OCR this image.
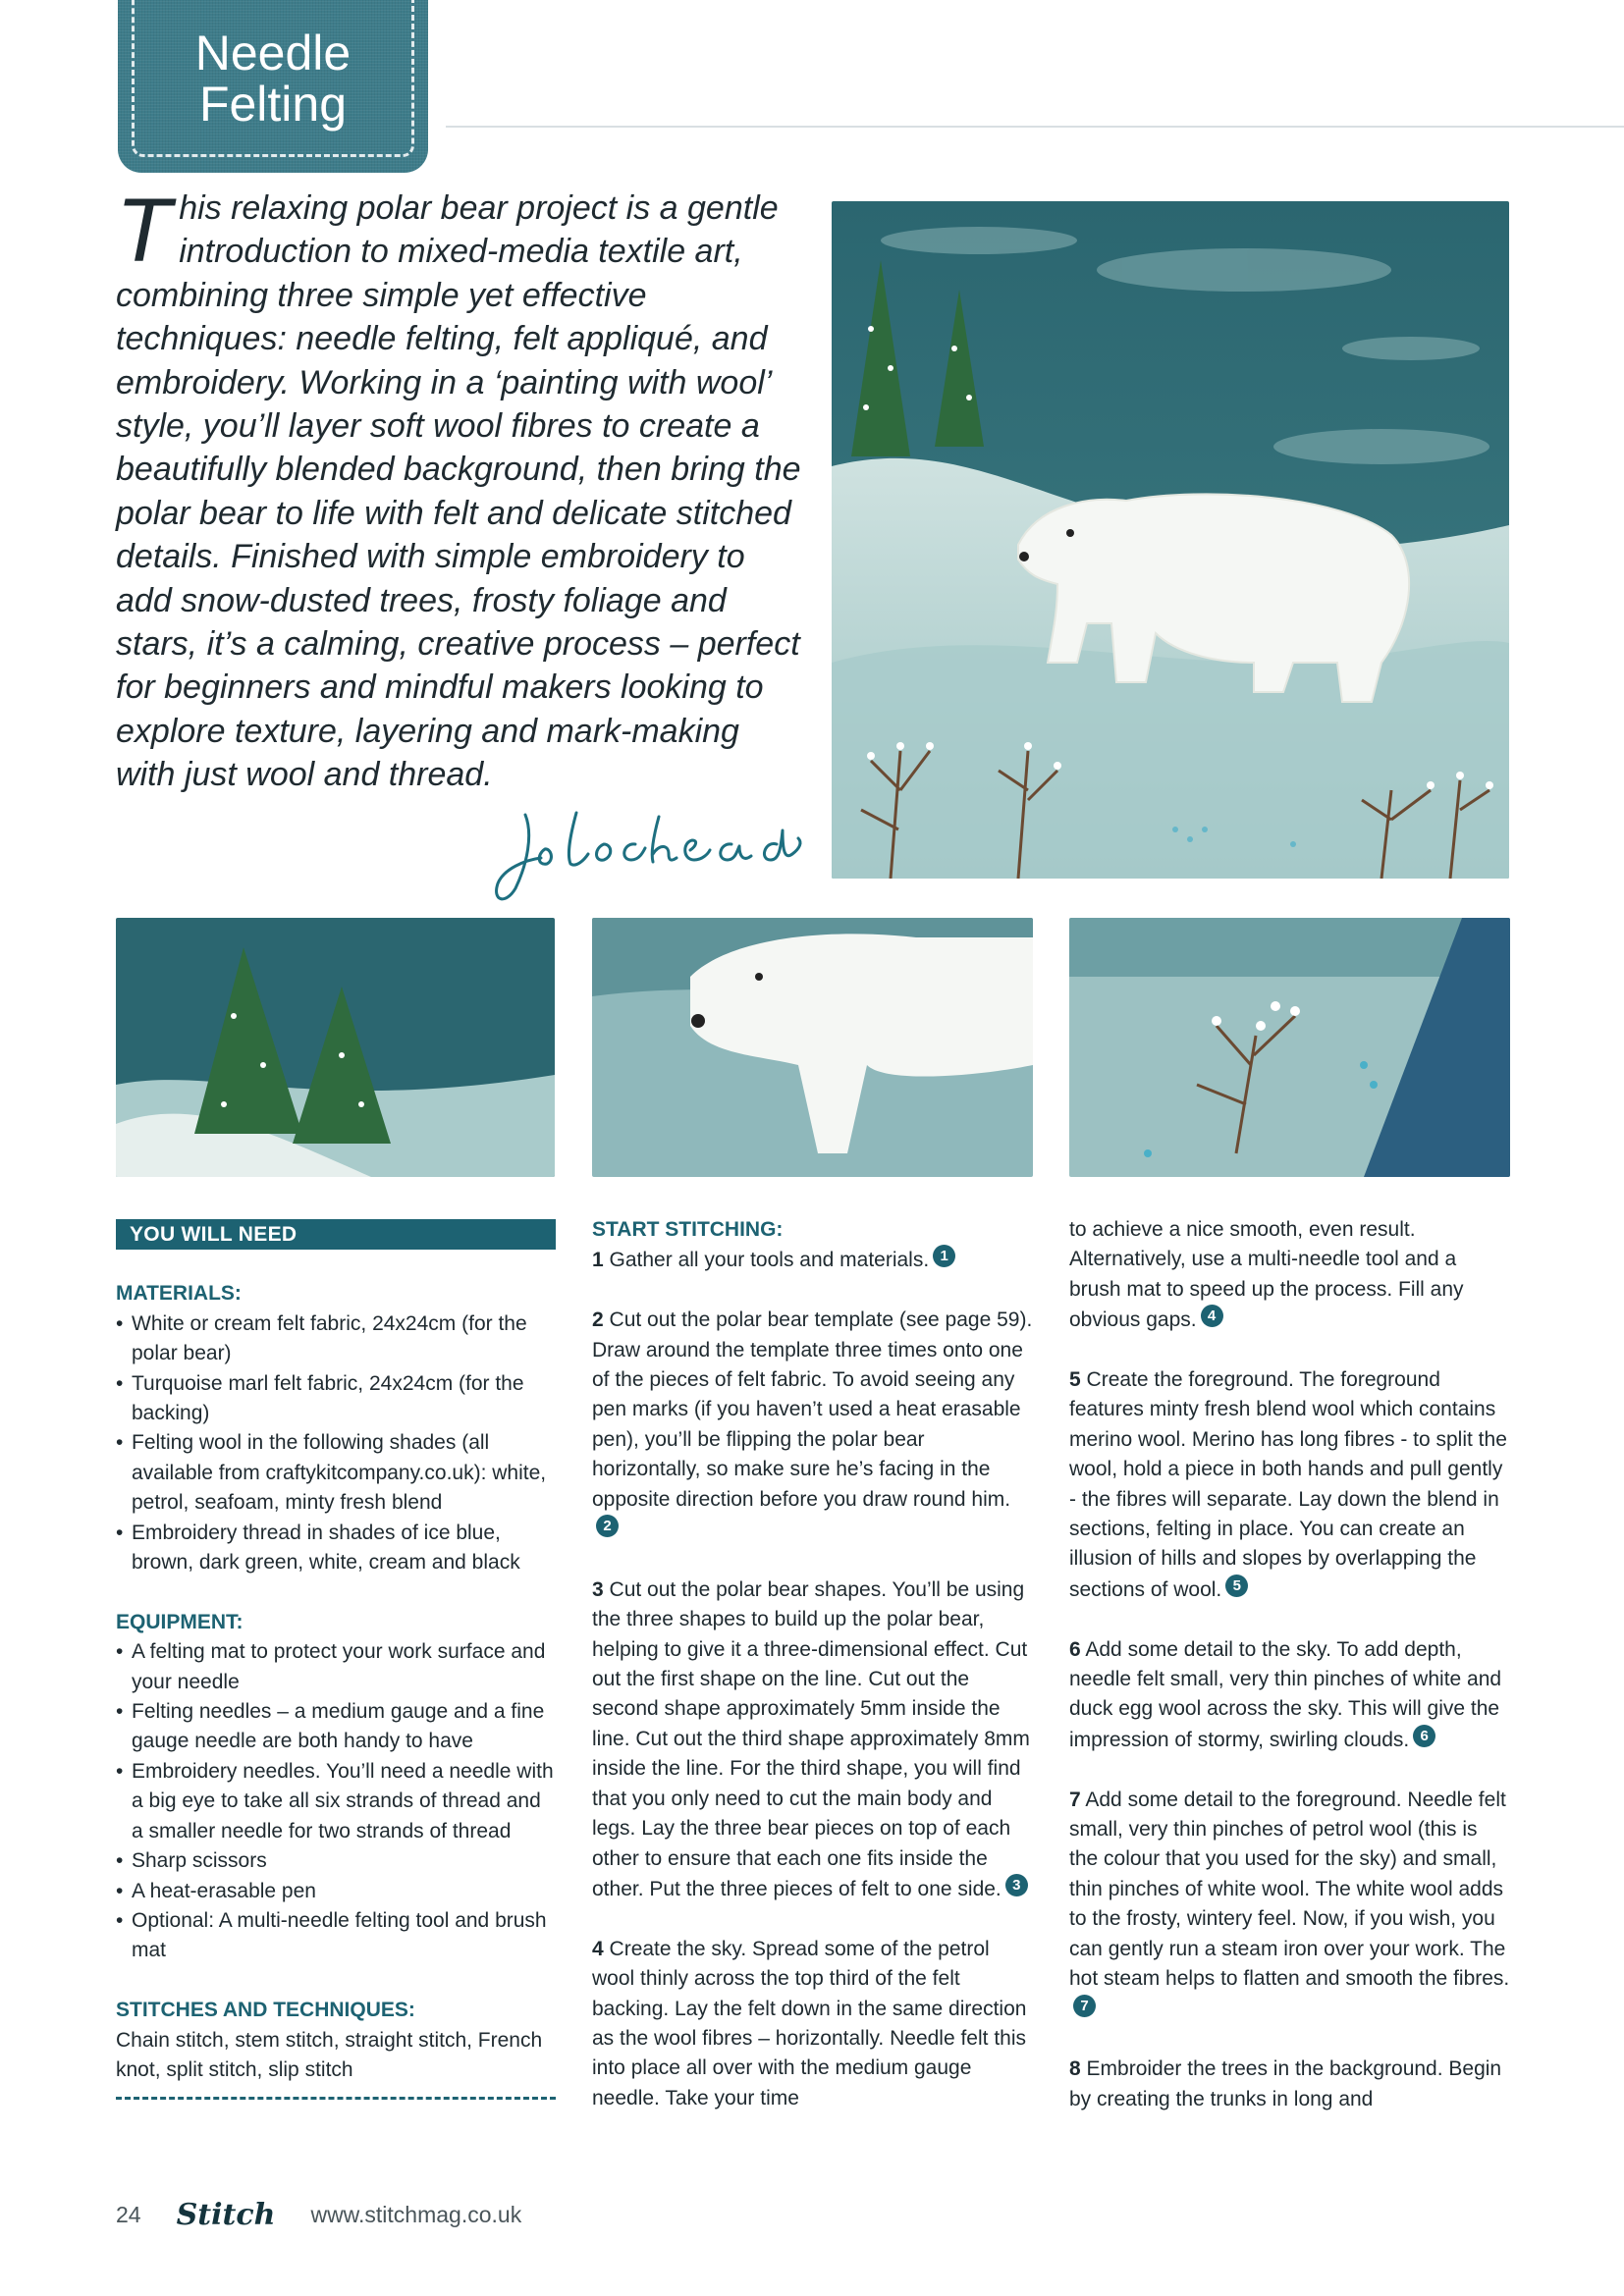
Needle
Felting
This relaxing polar bear project is a gentle introduction to mixed-media textile art, combining three simple yet effective techniques: needle felting, felt appliqué, and embroidery. Working in a ‘painting with wool’ style, you’ll layer soft wool fibres to create a beautifully blended background, then bring the polar bear to life with felt and delicate stitched details. Finished with simple embroidery to add snow-dusted trees, frosty foliage and stars, it’s a calming, creative process – perfect for beginners and mindful makers looking to explore texture, layering and mark-making with just wool and thread.
YOU WILL NEED
MATERIALS:
• White or cream felt fabric, 24x24cm (for the polar bear)
• Turquoise marl felt fabric, 24x24cm (for the backing)
• Felting wool in the following shades (all available from craftykitcompany.co.uk): white, petrol, seafoam, minty fresh blend
• Embroidery thread in shades of ice blue, brown, dark green, white, cream and black
EQUIPMENT:
• A felting mat to protect your work surface and your needle
• Felting needles – a medium gauge and a fine gauge needle are both handy to have
• Embroidery needles. You’ll need a needle with a big eye to take all six strands of thread and a smaller needle for two strands of thread
• Sharp scissors
• A heat-erasable pen
• Optional: A multi-needle felting tool and brush mat
STITCHES AND TECHNIQUES:
Chain stitch, stem stitch, straight stitch, French knot, split stitch, slip stitch
START STITCHING:

1 Gather all your tools and materials. 1

2 Cut out the polar bear template (see page 59). Draw around the template three times onto one of the pieces of felt fabric. To avoid seeing any pen marks (if you haven’t used a heat erasable pen), you’ll be flipping the polar bear horizontally, so make sure he’s facing in the opposite direction before you draw round him.2

3 Cut out the polar bear shapes. You’ll be using the three shapes to build up the polar bear, helping to give it a three-dimensional effect. Cut out the first shape on the line. Cut out the second shape approximately 5mm inside the line. Cut out the third shape approximately 8mm inside the line. For the third shape, you will find that you only need to cut the main body and legs. Lay the three bear pieces on top of each other to ensure that each one fits inside the other. Put the three pieces of felt to one side. 3

4 Create the sky. Spread some of the petrol wool thinly across the top third of the felt backing. Lay the felt down in the same direction as the wool fibres – horizontally. Needle felt this into place all over with the medium gauge needle. Take your time

to achieve a nice smooth, even result. Alternatively, use a multi-needle tool and a brush mat to speed up the process. Fill any obvious gaps. 4

5 Create the foreground. The foreground features minty fresh blend wool which contains merino wool. Merino has long fibres - to split the wool, hold a piece in both hands and pull gently - the fibres will separate. Lay down the blend in sections, felting in place. You can create an illusion of hills and slopes by overlapping the sections of wool. 5

6 Add some detail to the sky. To add depth, needle felt small, very thin pinches of white and duck egg wool across the sky. This will give the impression of stormy, swirling clouds. 6

7 Add some detail to the foreground. Needle felt small, very thin pinches of petrol wool (this is the colour that you used for the sky) and small, thin pinches of white wool. The white wool adds to the frosty, wintery feel. Now, if you wish, you can gently run a steam iron over your work. The hot steam helps to flatten and smooth the fibres.7

8 Embroider the trees in the background. Begin by creating the trunks in long and

24 Stitch www.stitchmag.co.uk
